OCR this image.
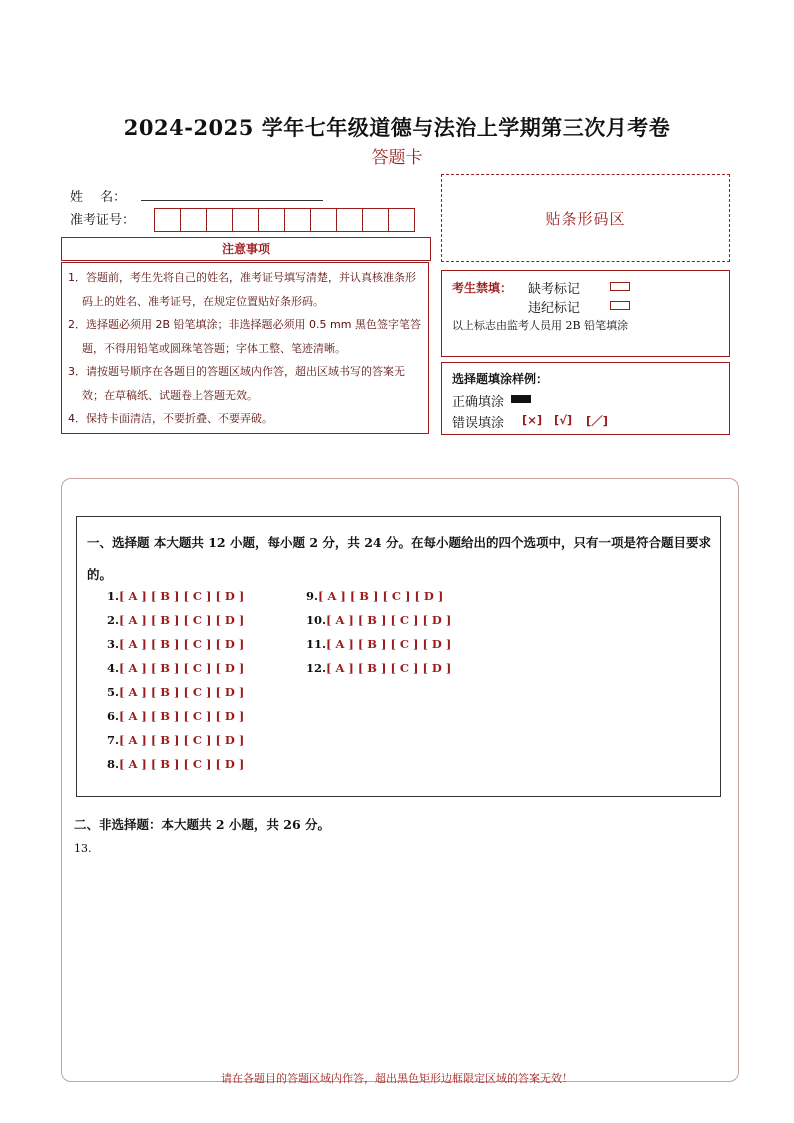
2024-2025 学年七年级道德与法治上学期第三次月考卷
答题卡
姓　 名：
准考证号：
注意事项
1．答题前，考生先将自己的姓名，准考证号填写清楚，并认真核准条形码上的姓名、准考证号，在规定位置贴好条形码。
2．选择题必须用 2B 铅笔填涂；非选择题必须用 0.5 mm 黑色签字笔答题，不得用铅笔或圆珠笔答题；字体工整、笔迹清晰。
3．请按题号顺序在各题目的答题区域内作答，超出区域书写的答案无效；在草稿纸、试题卷上答题无效。
4．保持卡面清洁，不要折叠、不要弄破。
贴条形码区
考生禁填： 缺考标记
违纪标记
以上标志由监考人员用 2B 铅笔填涂
选择题填涂样例：
正确填涂
错误填涂 [×] [√] [／]
一、选择题 本大题共 12 小题，每小题 2 分，共 24 分。在每小题给出的四个选项中，只有一项是符合题目要求的。
1.[ A ] [ B ] [ C ] [ D ]
2.[ A ] [ B ] [ C ] [ D ]
3.[ A ] [ B ] [ C ] [ D ]
4.[ A ] [ B ] [ C ] [ D ]
5.[ A ] [ B ] [ C ] [ D ]
6.[ A ] [ B ] [ C ] [ D ]
7.[ A ] [ B ] [ C ] [ D ]
8.[ A ] [ B ] [ C ] [ D ]
9.[ A ] [ B ] [ C ] [ D ]
10.[ A ] [ B ] [ C ] [ D ]
11.[ A ] [ B ] [ C ] [ D ]
12.[ A ] [ B ] [ C ] [ D ]
二、非选择题：本大题共 2 小题，共 26 分。
13.
请在各题目的答题区域内作答，超出黑色矩形边框限定区域的答案无效！
